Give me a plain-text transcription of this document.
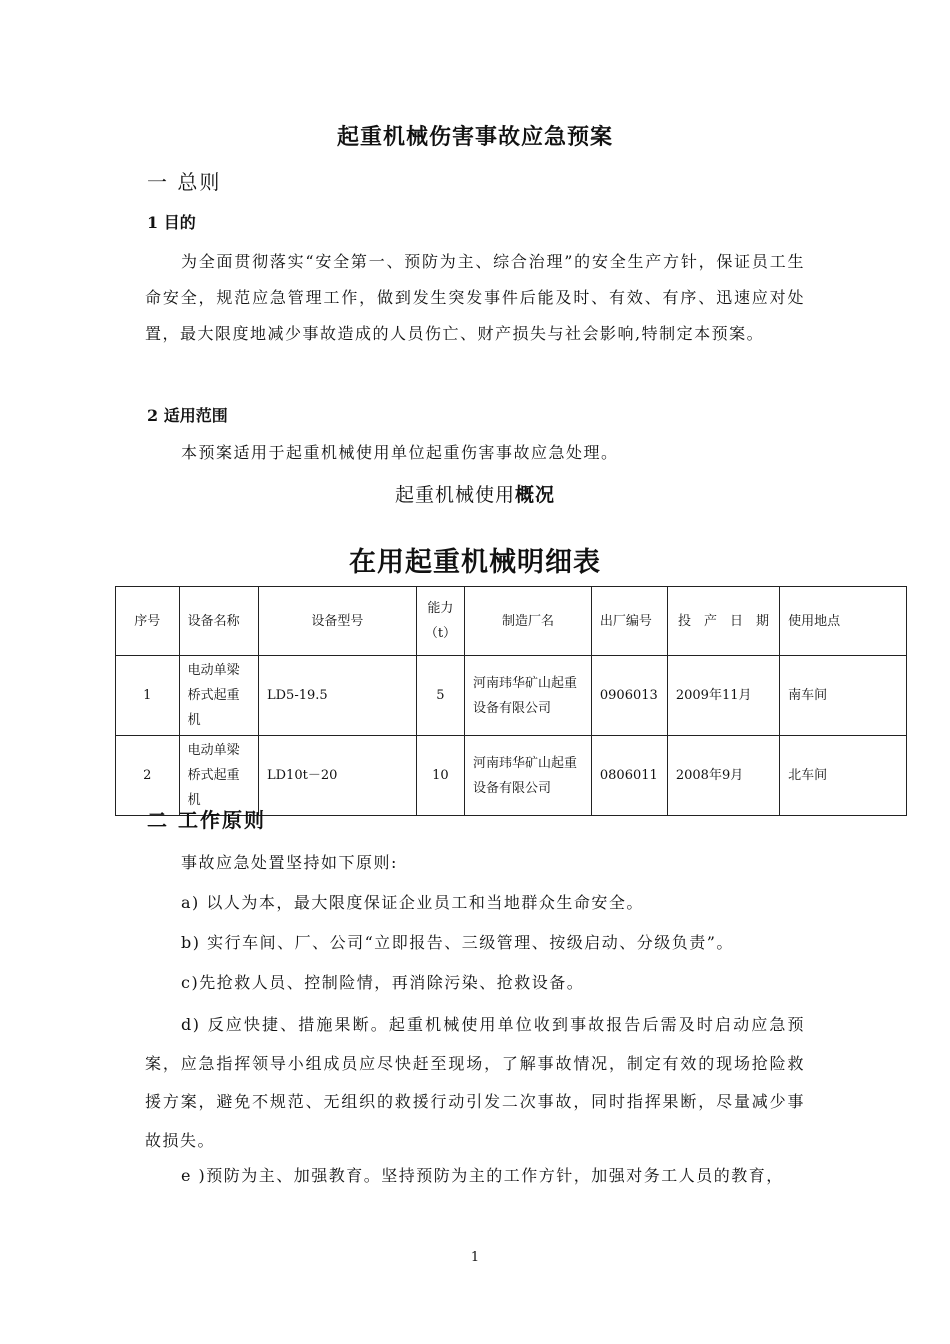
起重机械伤害事故应急预案
一 总则
1 目的
为全面贯彻落实“安全第一、预防为主、综合治理”的安全生产方针，保证员工生命安全，规范应急管理工作，做到发生突发事件后能及时、有效、有序、迅速应对处置，最大限度地减少事故造成的人员伤亡、财产损失与社会影响,特制定本预案。
2 适用范围
本预案适用于起重机械使用单位起重伤害事故应急处理。
起重机械使用概况
在用起重机械明细表
序号	设备名称	设备型号	能力（t）	制造厂名	出厂编号	投　产　日　期	使用地点
1	电动单梁桥式起重机	LD5-19.5	5	河南玮华矿山起重设备有限公司	0906013	2009年11月	南车间
2	电动单梁桥式起重机	LD10t－20	10	河南玮华矿山起重设备有限公司	0806011	2008年9月	北车间
二 工作原则
事故应急处置坚持如下原则:
a) 以人为本，最大限度保证企业员工和当地群众生命安全。
b) 实行车间、厂、公司“立即报告、三级管理、按级启动、分级负责”。
c)先抢救人员、控制险情，再消除污染、抢救设备。
d) 反应快捷、措施果断。起重机械使用单位收到事故报告后需及时启动应急预案，应急指挥领导小组成员应尽快赶至现场，了解事故情况，制定有效的现场抢险救援方案，避免不规范、无组织的救援行动引发二次事故，同时指挥果断，尽量减少事故损失。
e )预防为主、加强教育。坚持预防为主的工作方针，加强对务工人员的教育，
1
